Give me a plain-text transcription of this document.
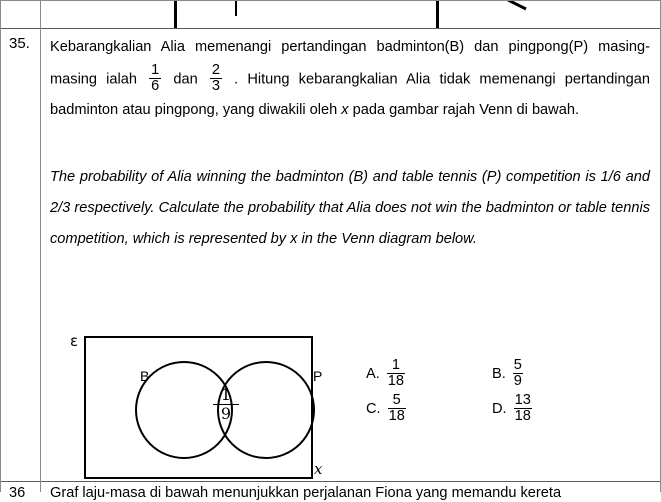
35. Kebarangkalian Alia memenangi pertandingan badminton(B) dan pingpong(P) masing-masing ialah $\frac{1}{6}$ dan $\frac{2}{3}$ . Hitung kebarangkalian Alia tidak memenangi pertandingan badminton atau pingpong, yang diwakili oleh x pada gambar rajah Venn di bawah.
The probability of Alia winning the badminton (B) and table tennis (P) competition is 1/6 and 2/3 respectively. Calculate the probability that Alia does not win the badminton or table tennis competition, which is represented by x in the Venn diagram below.
ε
B	P
x
$\frac{1}{9}$
A. $\frac{1}{18}$	B. $\frac{5}{9}$
C. $\frac{5}{18}$	D. $\frac{13}{18}$
36 Graf laju-masa di bawah menunjukkan perjalanan Fiona yang memandu kereta
